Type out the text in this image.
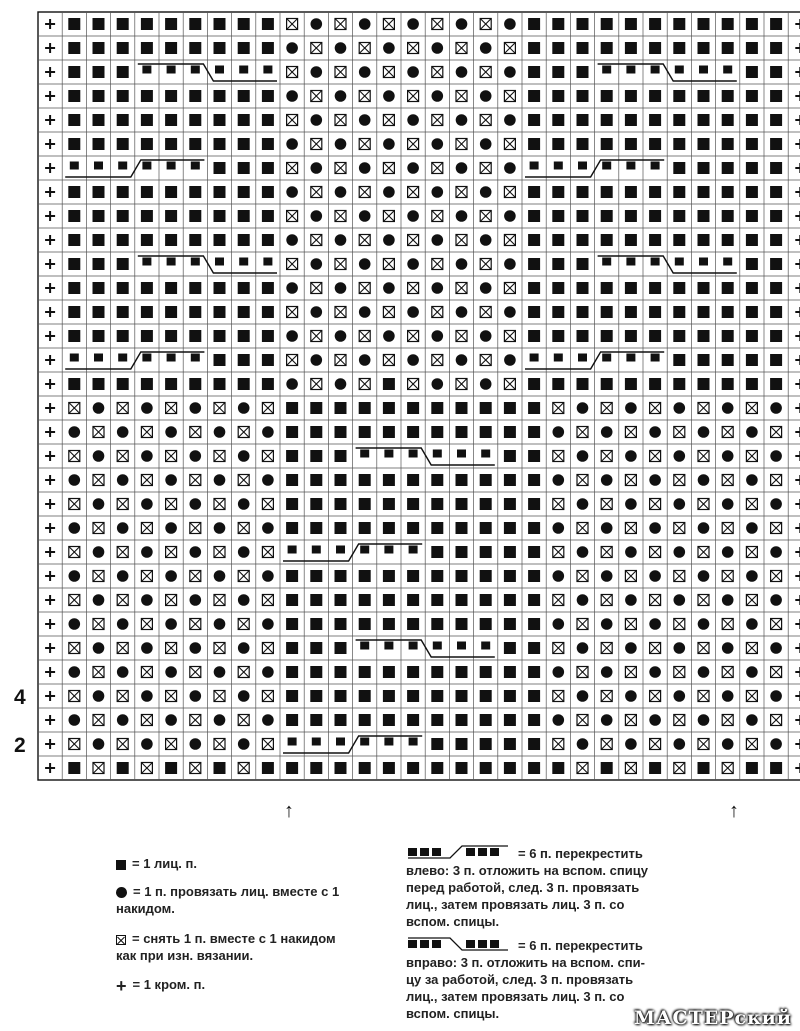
4
2
↑	↑
= 1 лиц. п.
= 1 п. провязать лиц. вместе с 1
накидом.
= снять 1 п. вместе с 1 накидом
как при изн. вязании.
+ = 1 кром. п.
= 6 п. перекрестить
влево: 3 п. отложить на вспом. спицу
перед работой, след. 3 п. провязать
лиц., затем провязать лиц. 3 п. со
вспом. спицы.
= 6 п. перекрестить
вправо: 3 п. отложить на вспом. спи-
цу за работой, след. 3 п. провязать
лиц., затем провязать лиц. 3 п. со
вспом. спицы.	МАСТЕРский
